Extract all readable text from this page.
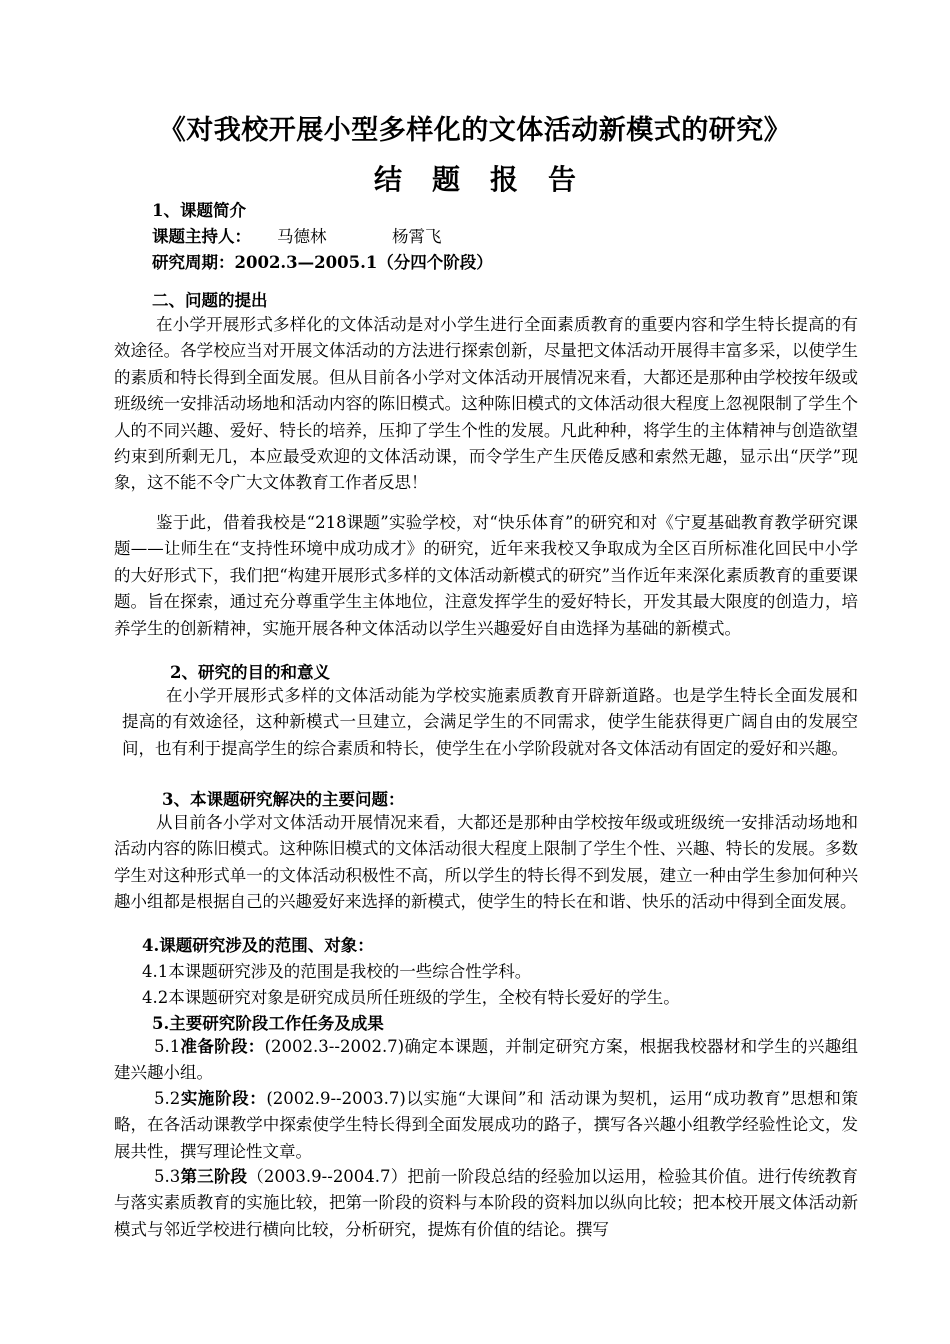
《对我校开展小型多样化的文体活动新模式的研究》
结题报告
1、课题简介
课题主持人： 马德林	杨霄飞
研究周期：2002.3—2005.1（分四个阶段）
二、问题的提出
在小学开展形式多样化的文体活动是对小学生进行全面素质教育的重要内容和学生特长提高的有效途径。各学校应当对开展文体活动的方法进行探索创新，尽量把文体活动开展得丰富多采，以使学生的素质和特长得到全面发展。但从目前各小学对文体活动开展情况来看，大都还是那种由学校按年级或班级统一安排活动场地和活动内容的陈旧模式。这种陈旧模式的文体活动很大程度上忽视限制了学生个人的不同兴趣、爱好、特长的培养，压抑了学生个性的发展。凡此种种，将学生的主体精神与创造欲望约束到所剩无几，本应最受欢迎的文体活动课，而令学生产生厌倦反感和索然无趣，显示出“厌学”现象，这不能不令广大文体教育工作者反思！
鉴于此，借着我校是“218课题”实验学校，对“快乐体育”的研究和对《宁夏基础教育教学研究课题——让师生在“支持性环境中成功成才》的研究，近年来我校又争取成为全区百所标准化回民中小学的大好形式下，我们把“构建开展形式多样的文体活动新模式的研究”当作近年来深化素质教育的重要课题。旨在探索，通过充分尊重学生主体地位，注意发挥学生的爱好特长，开发其最大限度的创造力，培养学生的创新精神，实施开展各种文体活动以学生兴趣爱好自由选择为基础的新模式。
2、研究的目的和意义
在小学开展形式多样的文体活动能为学校实施素质教育开辟新道路。也是学生特长全面发展和提高的有效途径，这种新模式一旦建立，会满足学生的不同需求，使学生能获得更广阔自由的发展空间，也有利于提高学生的综合素质和特长，使学生在小学阶段就对各文体活动有固定的爱好和兴趣。
3、本课题研究解决的主要问题：
从目前各小学对文体活动开展情况来看，大都还是那种由学校按年级或班级统一安排活动场地和活动内容的陈旧模式。这种陈旧模式的文体活动很大程度上限制了学生个性、兴趣、特长的发展。多数学生对这种形式单一的文体活动积极性不高，所以学生的特长得不到发展，建立一种由学生参加何种兴趣小组都是根据自己的兴趣爱好来选择的新模式，使学生的特长在和谐、快乐的活动中得到全面发展。
4.课题研究涉及的范围、对象：
4.1本课题研究涉及的范围是我校的一些综合性学科。
4.2本课题研究对象是研究成员所任班级的学生，全校有特长爱好的学生。
5.主要研究阶段工作任务及成果
5.1准备阶段：(2002.3--2002.7)确定本课题，并制定研究方案，根据我校器材和学生的兴趣组建兴趣小组。
5.2实施阶段：(2002.9--2003.7)以实施“大课间”和 活动课为契机，运用“成功教育”思想和策略，在各活动课教学中探索使学生特长得到全面发展成功的路子，撰写各兴趣小组教学经验性论文，发展共性，撰写理论性文章。
5.3第三阶段（2003.9--2004.7）把前一阶段总结的经验加以运用，检验其价值。进行传统教育与落实素质教育的实施比较，把第一阶段的资料与本阶段的资料加以纵向比较；把本校开展文体活动新模式与邻近学校进行横向比较，分析研究，提炼有价值的结论。撰写
